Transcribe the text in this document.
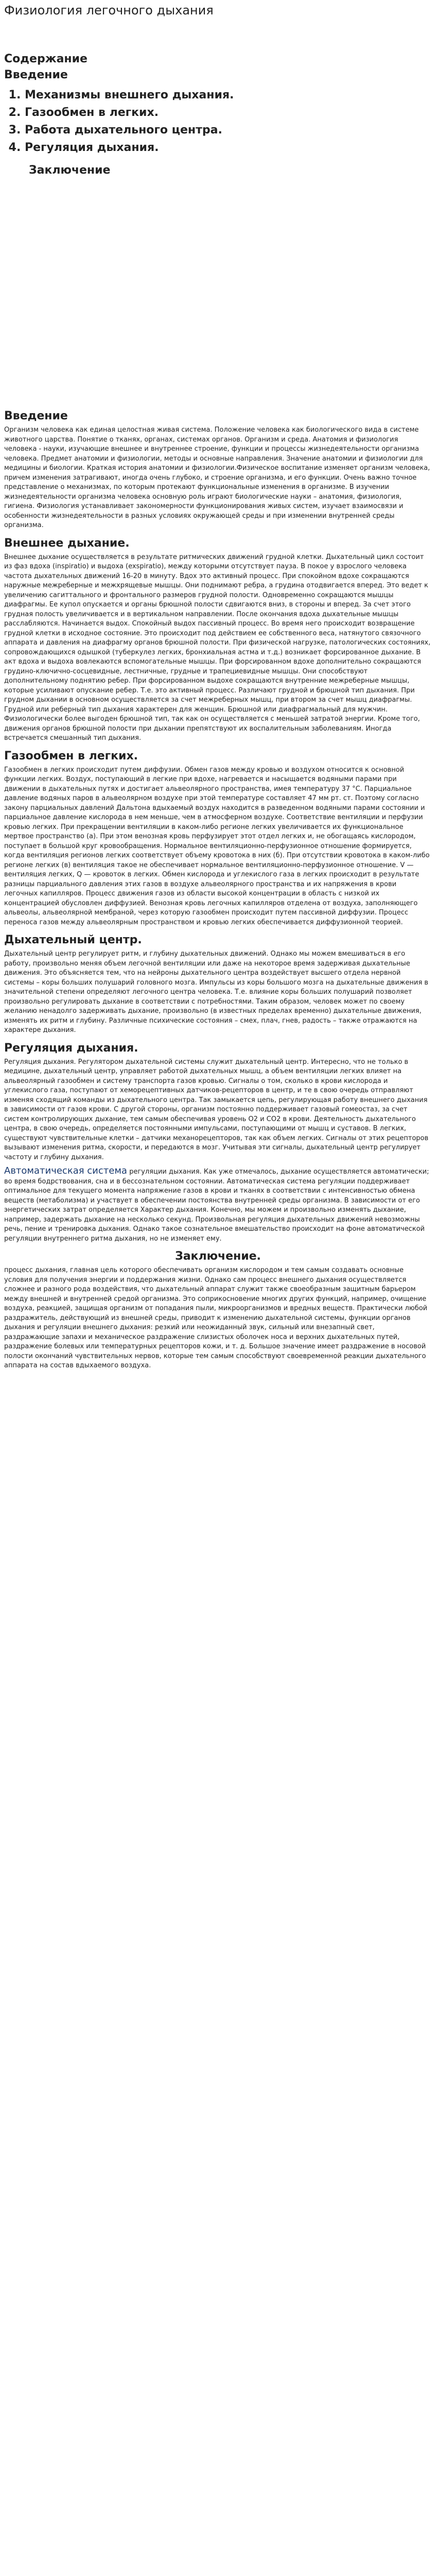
Физиология легочного дыхания
Содержание
Введение
1. Механизмы внешнего дыхания.
2. Газообмен в легких.
3. Работа дыхательного центра.
4. Регуляция дыхания.
Заключение
Введение

Организм человека как единая целостная живая система. Положение человека как биологического вида в системе животного царства. Понятие о тканях, органах, системах органов. Организм и среда. Анатомия и физиология человека - науки, изучающие внешнее и внутреннее строение, функции и процессы жизнедеятельности организма человека. Предмет анатомии и физиологии, методы и основные направления. Значение анатомии и физиологии для медицины и биологии. Краткая история анатомии и физиологии.Физическое воспитание изменяет организм человека, причем изменения затрагивают, иногда очень глубоко, и строение организма, и его функции. Очень важно точное представление о механизмах, по которым протекают функциональные изменения в организме. В изучении жизнедеятельности организма человека основную роль играют биологические науки – анатомия, физиология, гигиена. Физиология устанавливает закономерности функционирования живых систем, изучает взаимосвязи и особенности жизнедеятельности в разных условиях окружающей среды и при изменении внутренней среды организма.

Внешнее дыхание.

Внешнее дыхание осуществляется в результате ритмических движений грудной клетки. Дыхательный цикл состоит из фаз вдоха (inspiratio) и выдоха (exspiratio), между которыми отсутствует пауза. В покое у взрослого человека частота дыхательных движений 16-20 в минуту. Вдох это активный процесс. При спокойном вдохе сокращаются наружные межреберные и межхрящевые мышцы. Они поднимают ребра, а грудина отодвигается вперед. Это ведет к увеличению сагиттального и фронтального размеров грудной полости. Одновременно сокращаются мышцы диафрагмы. Ее купол опускается и органы брюшной полости сдвигаются вниз, в стороны и вперед. За счет этого грудная полость увеличивается и в вертикальном направлении. После окончания вдоха дыхательные мышцы расслабляются. Начинается выдох. Спокойный выдох пассивный процесс. Во время него происходит возвращение грудной клетки в исходное состояние. Это происходит под действием ее собственного веса, натянутого связочного аппарата и давления на диафрагму органов брюшной полости. При физической нагрузке, патологических состояниях, сопровождающихся одышкой (туберкулез легких, бронхиальная астма и т.д.) возникает форсированное дыхание. В акт вдоха и выдоха вовлекаются вспомогательные мышцы. При форсированном вдохе дополнительно сокращаются грудино-ключично-сосцевидные, лестничные, грудные и трапециевидные мышцы. Они способствуют дополнительному поднятию ребер. При форсированном выдохе сокращаются внутренние межреберные мышцы, которые усиливают опускание ребер. Т.е. это активный процесс. Различают грудной и брюшной тип дыхания. При грудном дыхании в основном осуществляется за счет межреберных мышц, при втором за счет мышц диафрагмы. Грудной или реберный тип дыхания характерен для женщин. Брюшной или диафрагмальный для мужчин. Физиологически более выгоден брюшной тип, так как он осуществляется с меньшей затратой энергии. Кроме того, движения органов брюшной полости при дыхании препятствуют их воспалительным заболеваниям. Иногда встречается смешанный тип дыхания.

Газообмен в легких.

Газообмен в легких происходит путем диффузии. Обмен газов между кровью и воздухом относится к основной функции легких. Воздух, поступающий в легкие при вдохе, нагревается и насыщается водяными парами при движении в дыхательных путях и достигает альвеолярного пространства, имея температуру 37 °С. Парциальное давление водяных паров в альвеолярном воздухе при этой температуре составляет 47 мм рт. ст. Поэтому согласно закону парциальных давлений Дальтона вдыхаемый воздух находится в разведенном водяными парами состоянии и парциальное давление кислорода в нем меньше, чем в атмосферном воздухе. Соответствие вентиляции и перфузии кровью легких. При прекращении вентиляции в каком-либо регионе легких увеличивается их функциональное мертвое пространство (а). При этом венозная кровь перфузирует этот отдел легких и, не обогащаясь кислородом, поступает в большой круг кровообращения. Нормальное вентиляционно-перфузионное отношение формируется, когда вентиляция регионов легких соответствует объему кровотока в них (б). При отсутствии кровотока в каком-либо регионе легких (в) вентиляция такое не обеспечивает нормальное вентиляционно-перфузионное отношение. V — вентиляция легких, Q — кровоток в легких. Обмен кислорода и углекислого газа в легких происходит в результате разницы парциального давления этих газов в воздухе альвеолярного пространства и их напряжения в крови легочных капилляров. Процесс движения газов из области высокой концентрации в область с низкой их концентрацией обусловлен диффузией. Венозная кровь легочных капилляров отделена от воздуха, заполняющего альвеолы, альвеолярной мембраной, через которую газообмен происходит путем пассивной диффузии. Процесс переноса газов между альвеолярным пространством и кровью легких обеспечивается диффузионной теорией.

Дыхательный центр.

Дыхательный центр регулирует ритм, и глубину дыхательных движений. Однако мы можем вмешиваться в его работу, произвольно меняя объем легочной вентиляции или даже на некоторое время задерживая дыхательные движения. Это объясняется тем, что на нейроны дыхательного центра воздействует высшего отдела нервной системы – коры больших полушарий головного мозга. Импульсы из коры большого мозга на дыхательные движения в значительной степени определяют легочного центра человека. Т.е. влияние коры больших полушарий позволяет произвольно регулировать дыхание в соответствии с потребностями. Таким образом, человек может по своему желанию ненадолго задерживать дыхание, произвольно (в известных пределах временно) дыхательные движения, изменять их ритм и глубину. Различные психические состояния – смех, плач, гнев, радость – также отражаются на характере дыхания.

Регуляция дыхания.

Регуляция дыхания. Регулятором дыхательной системы служит дыхательный центр. Интересно, что не только в медицине, дыхательный центр, управляет работой дыхательных мышц, а объем вентиляции легких влияет на альвеолярный газообмен и систему транспорта газов кровью. Сигналы о том, сколько в крови кислорода и углекислого газа, поступают от хеморецептивных датчиков-рецепторов в центр, и те в свою очередь отправляют изменяя сходящий команды из дыхательного центра. Так замыкается цепь, регулирующая работу внешнего дыхания в зависимости от газов крови. С другой стороны, организм постоянно поддерживает газовый гомеостаз, за счет систем контролирующих дыхание, тем самым обеспечивая уровень О2 и СО2 в крови. Деятельность дыхательного центра, в свою очередь, определяется постоянными импульсами, поступающими от мышц и суставов. В легких, существуют чувствительные клетки – датчики механорецепторов, так как объем легких. Сигналы от этих рецепторов вызывают изменения ритма, скорости, и передаются в мозг. Учитывая эти сигналы, дыхательный центр регулирует частоту и глубину дыхания.

Автоматическая система регуляции дыхания. Как уже отмечалось, дыхание осуществляется автоматически; во время бодрствования, сна и в бессознательном состоянии. Автоматическая система регуляции поддерживает оптимальное для текущего момента напряжение газов в крови и тканях в соответствии с интенсивностью обмена веществ (метаболизма) и участвует в обеспечении постоянства внутренней среды организма. В зависимости от его энергетических затрат определяется Характер дыхания. Конечно, мы можем и произвольно изменять дыхание, например, задержать дыхание на несколько секунд. Произвольная регуляция дыхательных движений невозможны речь, пение и тренировка дыхания. Однако такое сознательное вмешательство происходит на фоне автоматической регуляции внутреннего ритма дыхания, но не изменяет ему.

Заключение.

процесс дыхания, главная цель которого обеспечивать организм кислородом и тем самым создавать основные условия для получения энергии и поддержания жизни. Однако сам процесс внешнего дыхания осуществляется сложнее и разного рода воздействия, что дыхательный аппарат служит также своеобразным защитным барьером между внешней и внутренней средой организма. Это соприкосновение многих других функций, например, очищение воздуха, реакцией, защищая организм от попадания пыли, микроорганизмов и вредных веществ. Практически любой раздражитель, действующий из внешней среды, приводит к изменению дыхательной системы, функции органов дыхания и регуляции внешнего дыхания: резкий или неожиданный звук, сильный или внезапный свет, раздражающие запахи и механическое раздражение слизистых оболочек носа и верхних дыхательных путей, раздражение болевых или температурных рецепторов кожи, и т. д. Большое значение имеет раздражение в носовой полости окончаний чувствительных нервов, которые тем самым способствуют своевременной реакции дыхательного аппарата на состав вдыхаемого воздуха.
